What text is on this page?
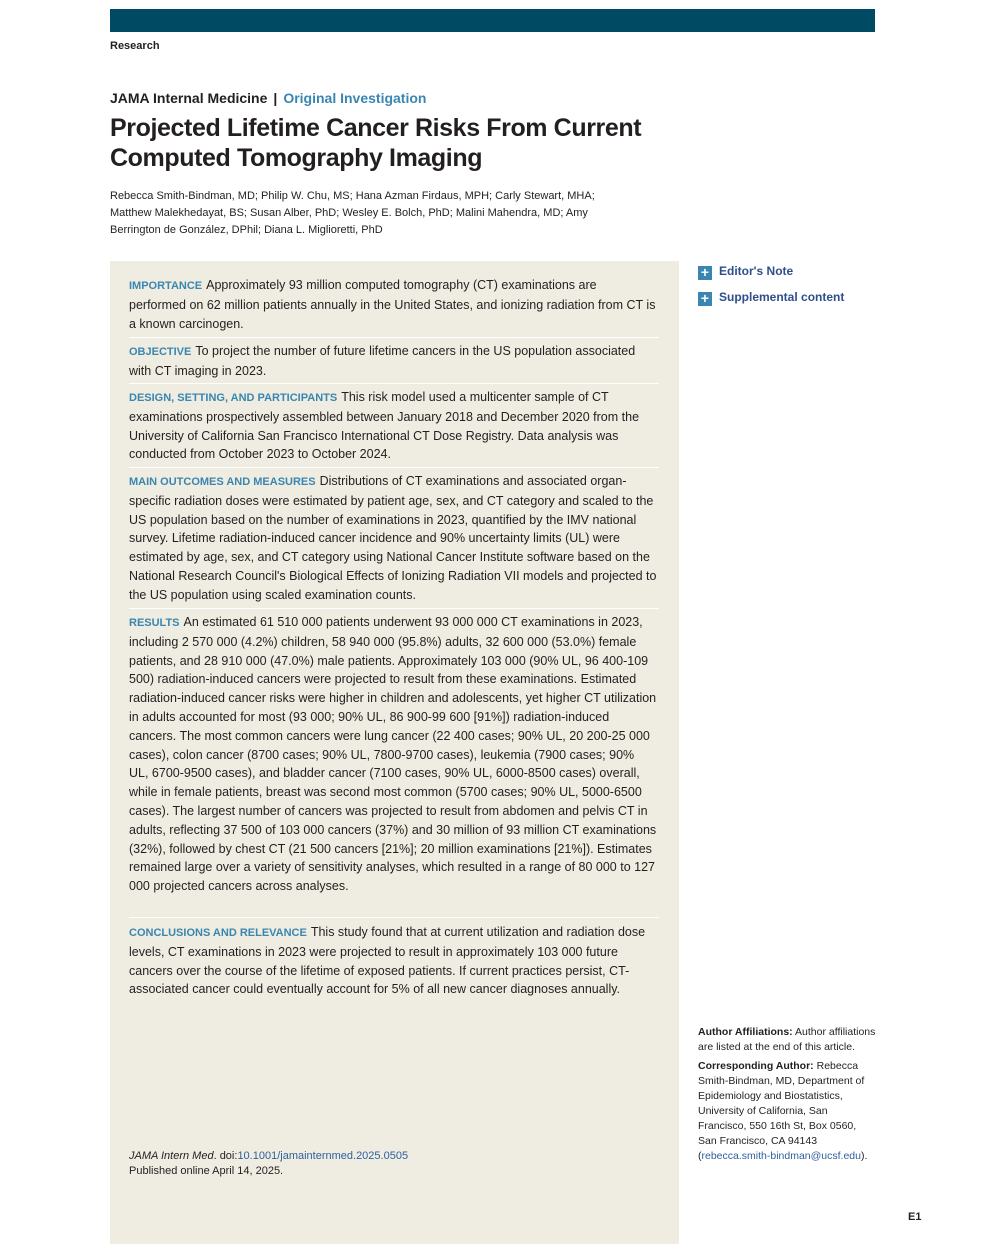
Research
JAMA Internal Medicine | Original Investigation
Projected Lifetime Cancer Risks From Current Computed Tomography Imaging

Rebecca Smith-Bindman, MD; Philip W. Chu, MS; Hana Azman Firdaus, MPH; Carly Stewart, MHA; Matthew Malekhedayat, BS; Susan Alber, PhD; Wesley E. Bolch, PhD; Malini Mahendra, MD; Amy Berrington de González, DPhil; Diana L. Miglioretti, PhD

IMPORTANCE Approximately 93 million computed tomography (CT) examinations are performed on 62 million patients annually in the United States, and ionizing radiation from CT is a known carcinogen.

OBJECTIVE To project the number of future lifetime cancers in the US population associated with CT imaging in 2023.

DESIGN, SETTING, AND PARTICIPANTS This risk model used a multicenter sample of CT examinations prospectively assembled between January 2018 and December 2020 from the University of California San Francisco International CT Dose Registry. Data analysis was conducted from October 2023 to October 2024.

MAIN OUTCOMES AND MEASURES Distributions of CT examinations and associated organ-specific radiation doses were estimated by patient age, sex, and CT category and scaled to the US population based on the number of examinations in 2023, quantified by the IMV national survey. Lifetime radiation-induced cancer incidence and 90% uncertainty limits (UL) were estimated by age, sex, and CT category using National Cancer Institute software based on the National Research Council's Biological Effects of Ionizing Radiation VII models and projected to the US population using scaled examination counts.

RESULTS An estimated 61 510 000 patients underwent 93 000 000 CT examinations in 2023, including 2 570 000 (4.2%) children, 58 940 000 (95.8%) adults, 32 600 000 (53.0%) female patients, and 28 910 000 (47.0%) male patients. Approximately 103 000 (90% UL, 96 400-109 500) radiation-induced cancers were projected to result from these examinations. Estimated radiation-induced cancer risks were higher in children and adolescents, yet higher CT utilization in adults accounted for most (93 000; 90% UL, 86 900-99 600 [91%]) radiation-induced cancers. The most common cancers were lung cancer (22 400 cases; 90% UL, 20 200-25 000 cases), colon cancer (8700 cases; 90% UL, 7800-9700 cases), leukemia (7900 cases; 90% UL, 6700-9500 cases), and bladder cancer (7100 cases, 90% UL, 6000-8500 cases) overall, while in female patients, breast was second most common (5700 cases; 90% UL, 5000-6500 cases). The largest number of cancers was projected to result from abdomen and pelvis CT in adults, reflecting 37 500 of 103 000 cancers (37%) and 30 million of 93 million CT examinations (32%), followed by chest CT (21 500 cancers [21%]; 20 million examinations [21%]). Estimates remained large over a variety of sensitivity analyses, which resulted in a range of 80 000 to 127 000 projected cancers across analyses.

CONCLUSIONS AND RELEVANCE This study found that at current utilization and radiation dose levels, CT examinations in 2023 were projected to result in approximately 103 000 future cancers over the course of the lifetime of exposed patients. If current practices persist, CT-associated cancer could eventually account for 5% of all new cancer diagnoses annually.

JAMA Intern Med. doi:10.1001/jamainternmed.2025.0505
Published online April 14, 2025.
+ Editor's Note
+ Supplemental content

Author Affiliations: Author affiliations are listed at the end of this article.

Corresponding Author: Rebecca Smith-Bindman, MD, Department of Epidemiology and Biostatistics, University of California, San Francisco, 550 16th St, Box 0560, San Francisco, CA 94143 (rebecca.smith-bindman@ucsf.edu).

E1
